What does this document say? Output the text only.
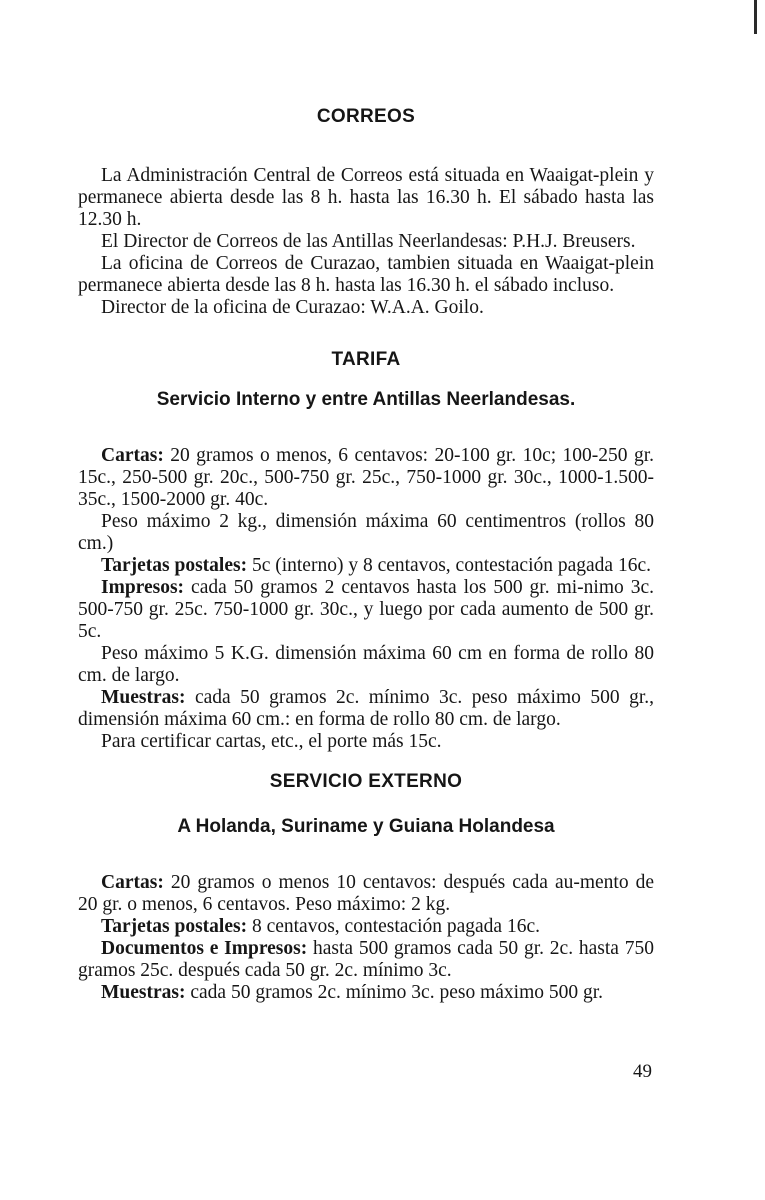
CORREOS

La Administración Central de Correos está situada en Waaigat-plein y permanece abierta desde las 8 h. hasta las 16.30 h. El sábado hasta las 12.30 h.

El Director de Correos de las Antillas Neerlandesas: P.H.J. Breusers.

La oficina de Correos de Curazao, tambien situada en Waaigat-plein permanece abierta desde las 8 h. hasta las 16.30 h. el sábado incluso.

Director de la oficina de Curazao: W.A.A. Goilo.

TARIFA
Servicio Interno y entre Antillas Neerlandesas.

Cartas: 20 gramos o menos, 6 centavos: 20-100 gr. 10c; 100-250 gr. 15c., 250-500 gr. 20c., 500-750 gr. 25c., 750-1000 gr. 30c., 1000-1.500-35c., 1500-2000 gr. 40c.

Peso máximo 2 kg., dimensión máxima 60 centimentros (rollos 80 cm.)

Tarjetas postales: 5c (interno) y 8 centavos, contestación pagada 16c.

Impresos: cada 50 gramos 2 centavos hasta los 500 gr. mi-nimo 3c. 500-750 gr. 25c. 750-1000 gr. 30c., y luego por cada aumento de 500 gr. 5c.

Peso máximo 5 K.G. dimensión máxima 60 cm en forma de rollo 80 cm. de largo.

Muestras: cada 50 gramos 2c. mínimo 3c. peso máximo 500 gr., dimensión máxima 60 cm.: en forma de rollo 80 cm. de largo.

Para certificar cartas, etc., el porte más 15c.

SERVICIO EXTERNO
A Holanda, Suriname y Guiana Holandesa

Cartas: 20 gramos o menos 10 centavos: después cada au-mento de 20 gr. o menos, 6 centavos. Peso máximo: 2 kg.

Tarjetas postales: 8 centavos, contestación pagada 16c.

Documentos e Impresos: hasta 500 gramos cada 50 gr. 2c. hasta 750 gramos 25c. después cada 50 gr. 2c. mínimo 3c.

Muestras: cada 50 gramos 2c. mínimo 3c. peso máximo 500 gr.

49
